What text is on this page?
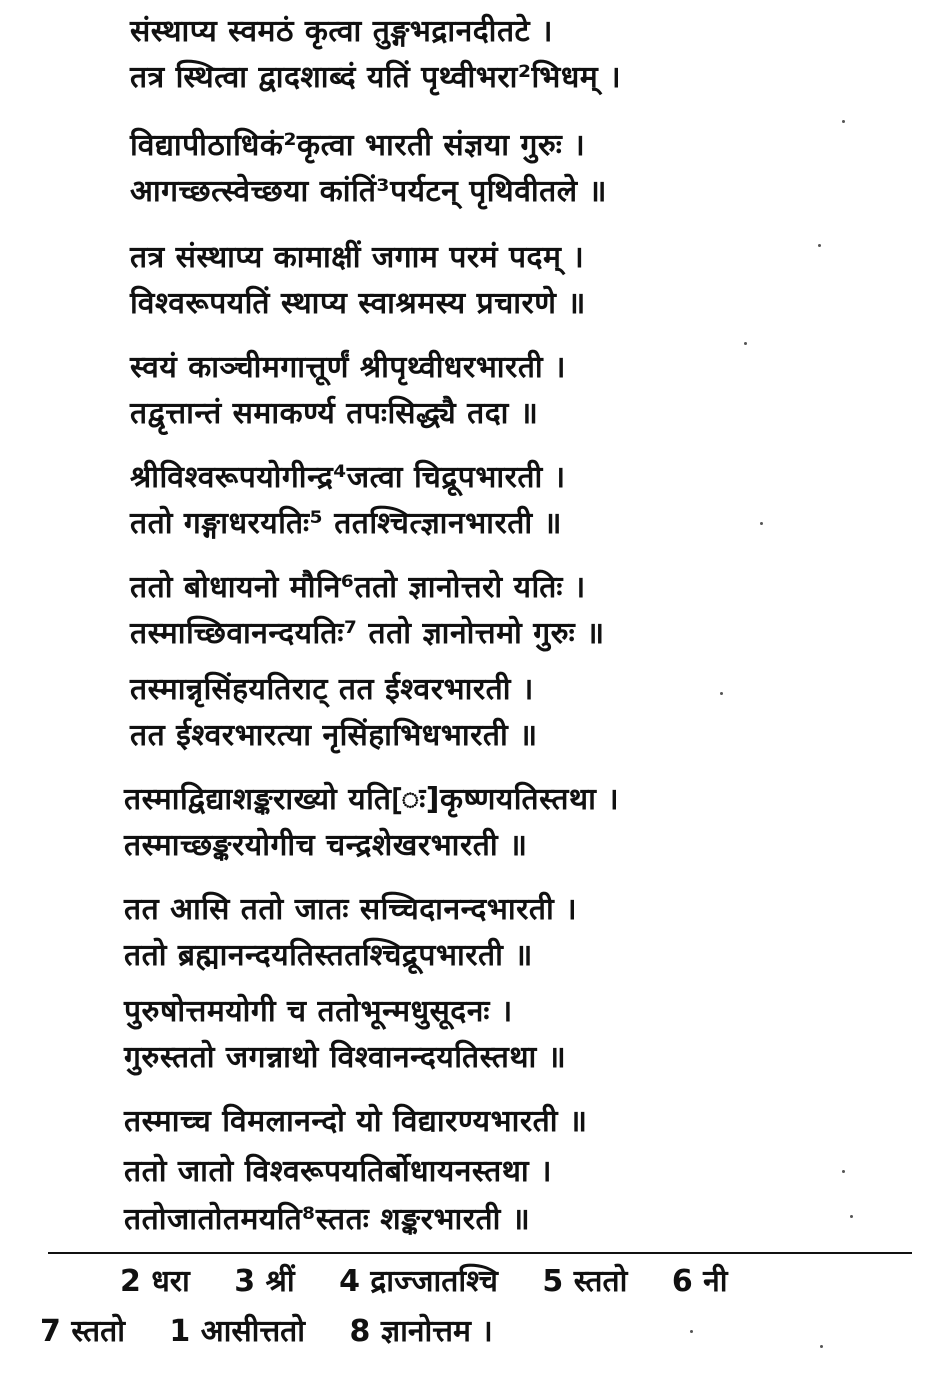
संस्थाप्य स्वमठं कृत्वा तुङ्गभद्रानदीतटे ।
तत्र स्थित्वा द्वादशाब्दं यतिं पृथ्वीभरा²भिधम् ।
विद्यापीठाधिकं²कृत्वा भारती संज्ञया गुरुः ।
आगच्छत्स्वेच्छया कांतिं³पर्यटन् पृथिवीतले ॥
तत्र संस्थाप्य कामाक्षीं जगाम परमं पदम् ।
विश्वरूपयतिं स्थाप्य स्वाश्रमस्य प्रचारणे ॥
स्वयं काञ्चीमगात्तूर्णं श्रीपृथ्वीधरभारती ।
तद्वृत्तान्तं समाकर्ण्य तपःसिद्ध्यै तदा ॥
श्रीविश्वरूपयोगीन्द्र⁴जत्वा चिद्रूपभारती ।
ततो गङ्गाधरयतिः⁵ ततश्चित्ज्ञानभारती ॥
ततो बोधायनो मौनि⁶ततो ज्ञानोत्तरो यतिः ।
तस्माच्छिवानन्दयतिः⁷ ततो ज्ञानोत्तमो गुरुः ॥
तस्मान्नृसिंहयतिराट् तत ईश्वरभारती ।
तत ईश्वरभारत्या नृसिंहाभिधभारती ॥
तस्माद्विद्याशङ्कराख्यो यति[ः]कृष्णयतिस्तथा ।
तस्माच्छङ्करयोगीच चन्द्रशेखरभारती ॥
तत आसि ततो जातः सच्चिदानन्दभारती ।
ततो ब्रह्मानन्दयतिस्ततश्चिद्रूपभारती ॥
पुरुषोत्तमयोगी च ततोभून्मधुसूदनः ।
गुरुस्ततो जगन्नाथो विश्वानन्दयतिस्तथा ॥
तस्माच्च विमलानन्दो यो विद्यारण्यभारती ॥
ततो जातो विश्वरूपयतिर्बोधायनस्तथा ।
ततोजातोतमयति⁸स्ततः शङ्करभारती ॥
2 धरा 3 श्रीं 4 द्राज्जातश्चि 5 स्ततो 6 नी
7 स्ततो 1 आसीत्ततो 8 ज्ञानोत्तम ।
